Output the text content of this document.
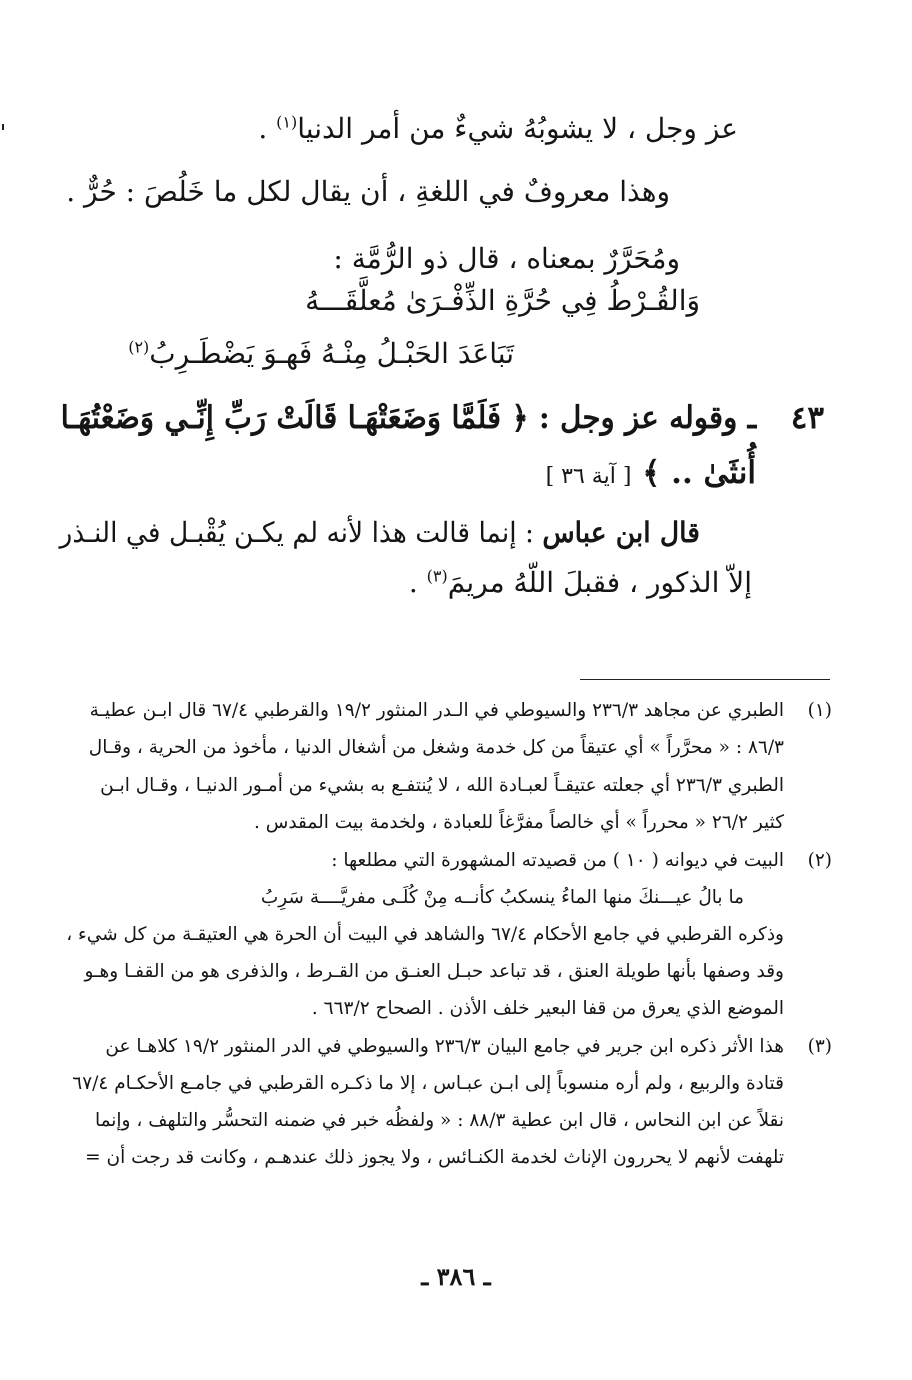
عز وجل ، لا يشوبُهُ شيءٌ من أمر الدنيا$^{(١)}$ .
وهذا معروفٌ في اللغةِ ، أن يقال لكل ما خَلُصَ : حُرٌّ .
ومُحَرَّرٌ بمعناه ، قال ذو الرُّمَّة :
وَالقُـرْطُ فِي حُرَّةِ الذِّفْـرَىٰ مُعلَّقَـــهُ
تَبَاعَدَ الحَبْـلُ مِنْـهُ فَهـوَ يَضْطَـرِبُ$^{(٢)}$
٤٣
ـ وقوله عز وجل : ﴿ فَلَمَّا وَضَعَتْهَـا قَالَتْ رَبِّ إِنِّـي وَضَعْتُهَـا
أُنثَىٰ .. ﴾ [ آية ٣٦ ]
قال ابن عباس : إنما قالت هذا لأنه لم يكـن يُقْبـل في النـذر
إلاّ الذكور ، فقبلَ اللّهُ مريمَ$^{(٣)}$ .
(١)
الطبري عن مجاهد ٢٣٦/٣ والسيوطي في الـدر المنثور ١٩/٢ والقرطبي ٦٧/٤ قال ابـن عطيـة
٨٦/٣ : « محرَّراً » أي عتيقاً من كل خدمة وشغل من أشغال الدنيا ، مأخوذ من الحرية ، وقـال
الطبري ٢٣٦/٣ أي جعلته عتيقـاً لعبـادة الله ، لا يُنتفـع به بشيء من أمـور الدنيـا ، وقـال ابـن
كثير ٢٦/٢ « محرراً » أي خالصاً مفرَّغاً للعبادة ، ولخدمة بيت المقدس .
(٢)
البيت في ديوانه ( ١٠ ) من قصيدته المشهورة التي مطلعها :
ما بالُ عيـــنكَ منها الماءُ ينسكبُ كأنــه مِنْ كُلَـى مفريَّــــة سَرِبُ
وذكره القرطبي في جامع الأحكام ٦٧/٤ والشاهد في البيت أن الحرة هي العتيقـة من كل شيء ،
وقد وصفها بأنها طويلة العنق ، قد تباعد حبـل العنـق من القـرط ، والذفرى هو من القفـا وهـو
الموضع الذي يعرق من قفا البعير خلف الأذن . الصحاح ٦٦٣/٢ .
(٣)
هذا الأثر ذكره ابن جرير في جامع البيان ٢٣٦/٣ والسيوطي في الدر المنثور ١٩/٢ كلاهـا عن
قتادة والربيع ، ولم أره منسوباً إلى ابـن عبـاس ، إلا ما ذكـره القرطبي في جامـع الأحكـام ٦٧/٤
نقلاً عن ابن النحاس ، قال ابن عطية ٨٨/٣ : « ولفظُه خبر في ضمنه التحسُّر والتلهف ، وإنما
تلهفت لأنهم لا يحررون الإناث لخدمة الكنـائس ، ولا يجوز ذلك عندهـم ، وكانت قد رجت أن =
ـ ٣٨٦ ـ
